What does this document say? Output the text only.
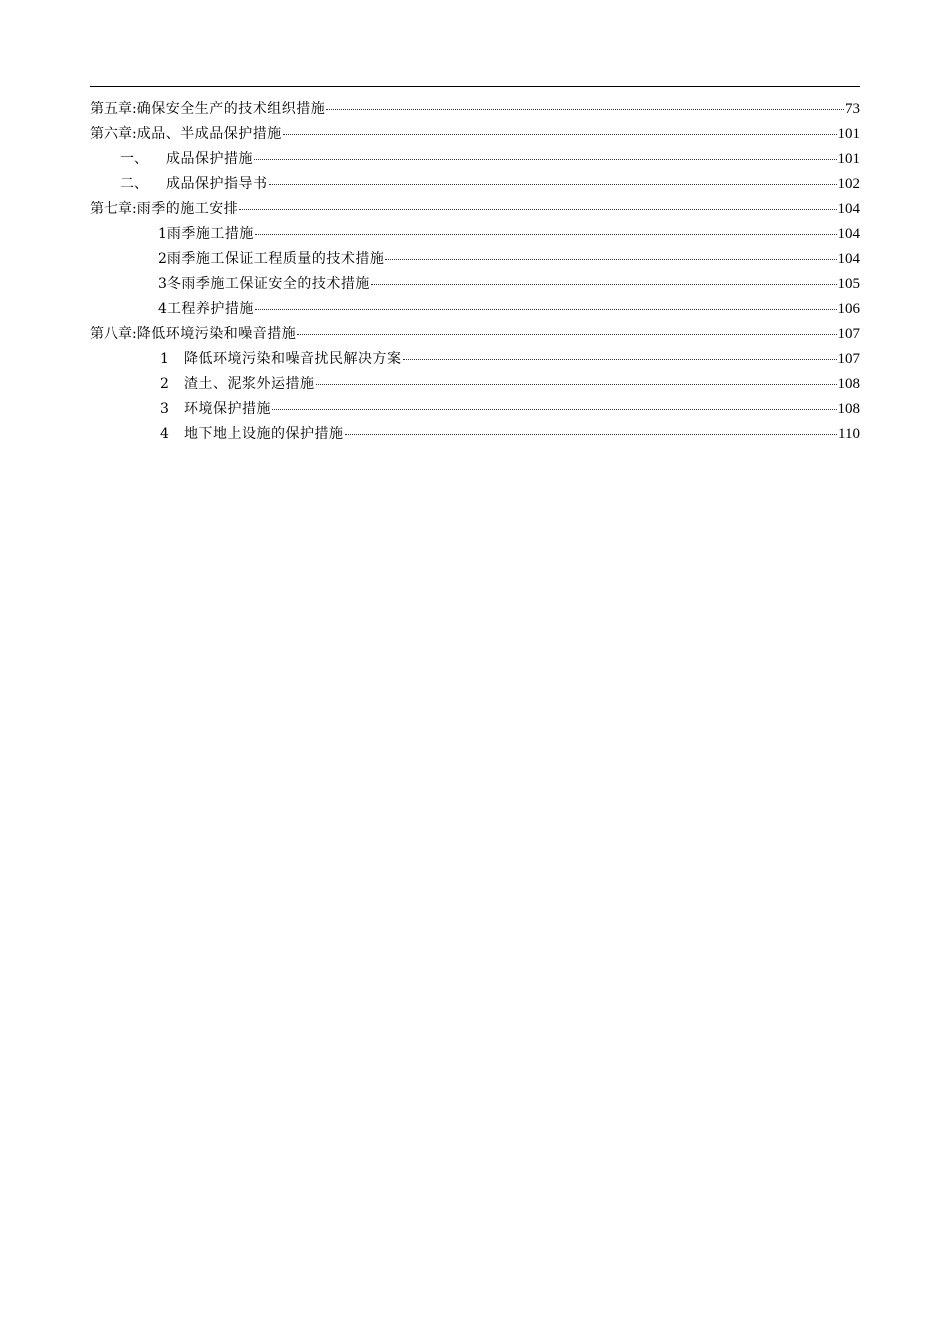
第五章: 确保安全生产的技术组织措施	73
第六章: 成品、半成品保护措施	101
一、	成品保护措施	101
二、	成品保护指导书	102
第七章: 雨季的施工安排	104
1 雨季施工措施	104
2 雨季施工保证工程质量的技术措施	104
3 冬雨季施工保证安全的技术措施	105
4 工程养护措施	106
第八章: 降低环境污染和噪音措施	107
1	降低环境污染和噪音扰民解决方案	107
2	渣土、泥浆外运措施	108
3	环境保护措施	108
4	地下地上设施的保护措施	110
